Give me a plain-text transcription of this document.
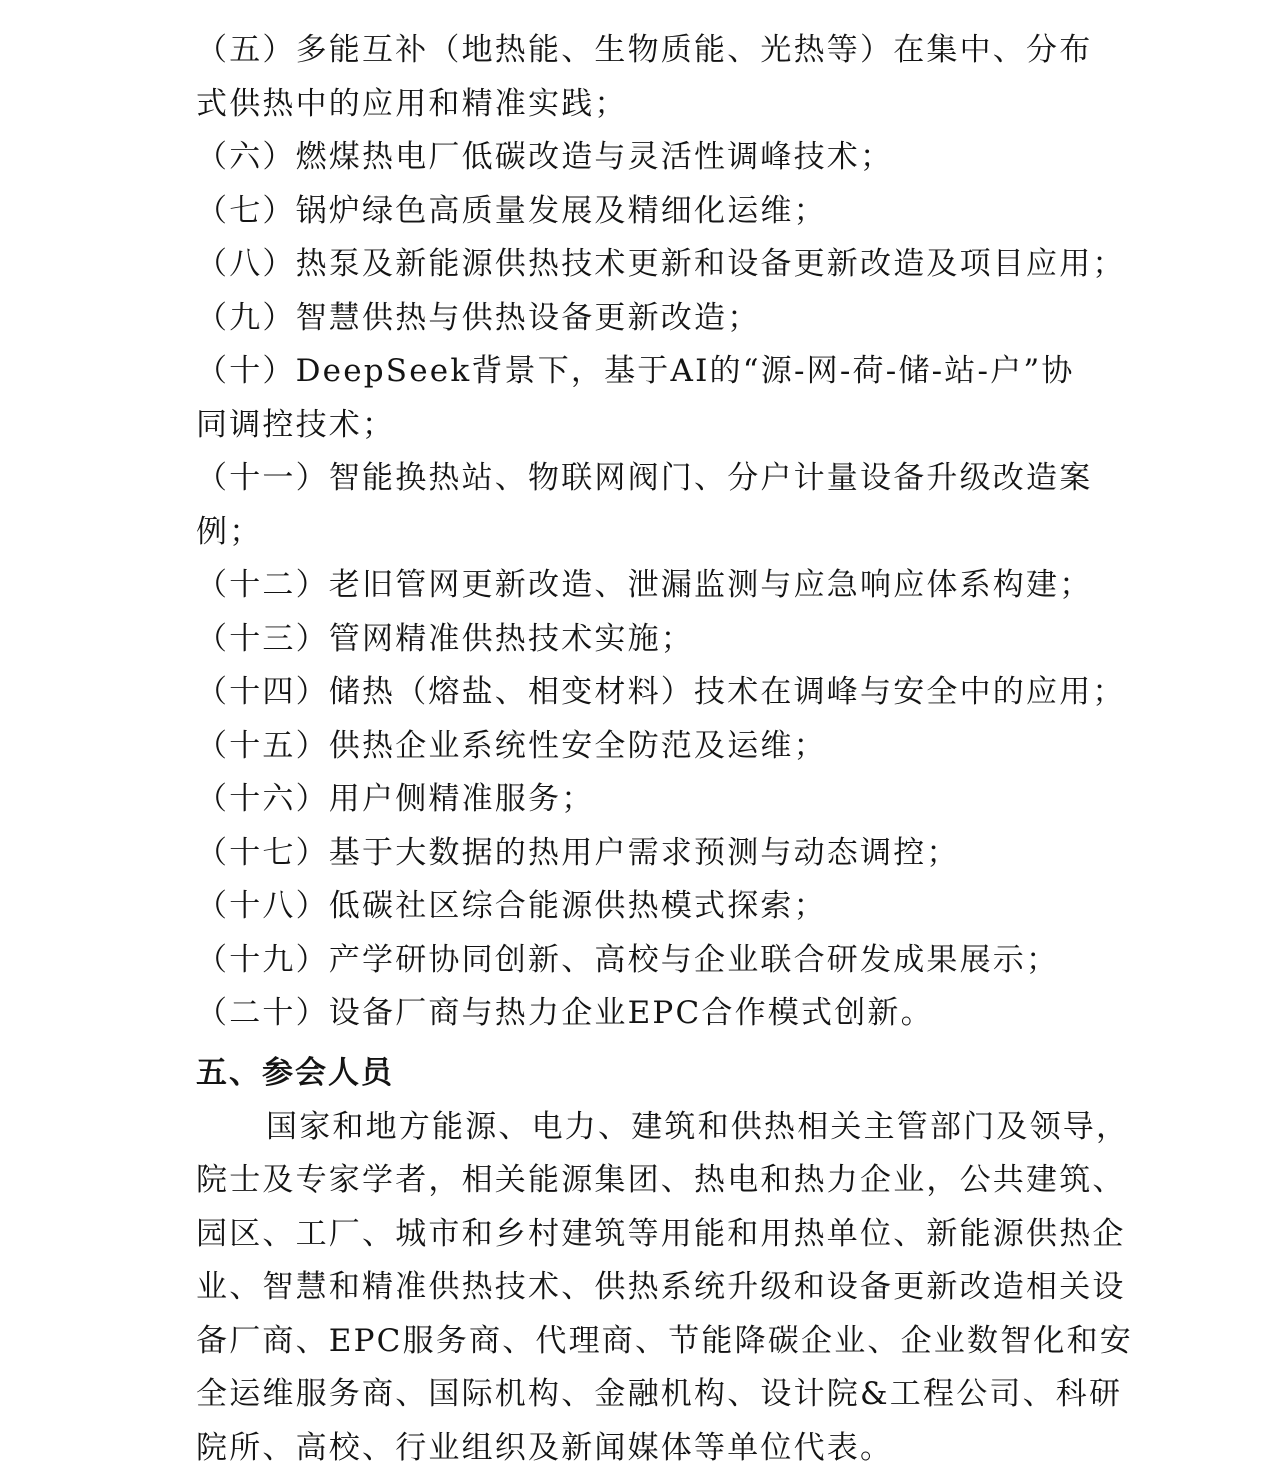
（五）多能互补（地热能、生物质能、光热等）在集中、分布
式供热中的应用和精准实践；
（六）燃煤热电厂低碳改造与灵活性调峰技术；
（七）锅炉绿色高质量发展及精细化运维；
（八）热泵及新能源供热技术更新和设备更新改造及项目应用；
（九）智慧供热与供热设备更新改造；
（十）DeepSeek背景下，基于AI的“源-网-荷-储-站-户”协
同调控技术；
（十一）智能换热站、物联网阀门、分户计量设备升级改造案
例；
（十二）老旧管网更新改造、泄漏监测与应急响应体系构建；
（十三）管网精准供热技术实施；
（十四）储热（熔盐、相变材料）技术在调峰与安全中的应用；
（十五）供热企业系统性安全防范及运维；
（十六）用户侧精准服务；
（十七）基于大数据的热用户需求预测与动态调控；
（十八）低碳社区综合能源供热模式探索；
（十九）产学研协同创新、高校与企业联合研发成果展示；
（二十）设备厂商与热力企业EPC合作模式创新。
五、参会人员

国家和地方能源、电力、建筑和供热相关主管部门及领导，院士及专家学者，相关能源集团、热电和热力企业，公共建筑、园区、工厂、城市和乡村建筑等用能和用热单位、新能源供热企业、智慧和精准供热技术、供热系统升级和设备更新改造相关设备厂商、EPC服务商、代理商、节能降碳企业、企业数智化和安全运维服务商、国际机构、金融机构、设计院&工程公司、科研院所、高校、行业组织及新闻媒体等单位代表。
